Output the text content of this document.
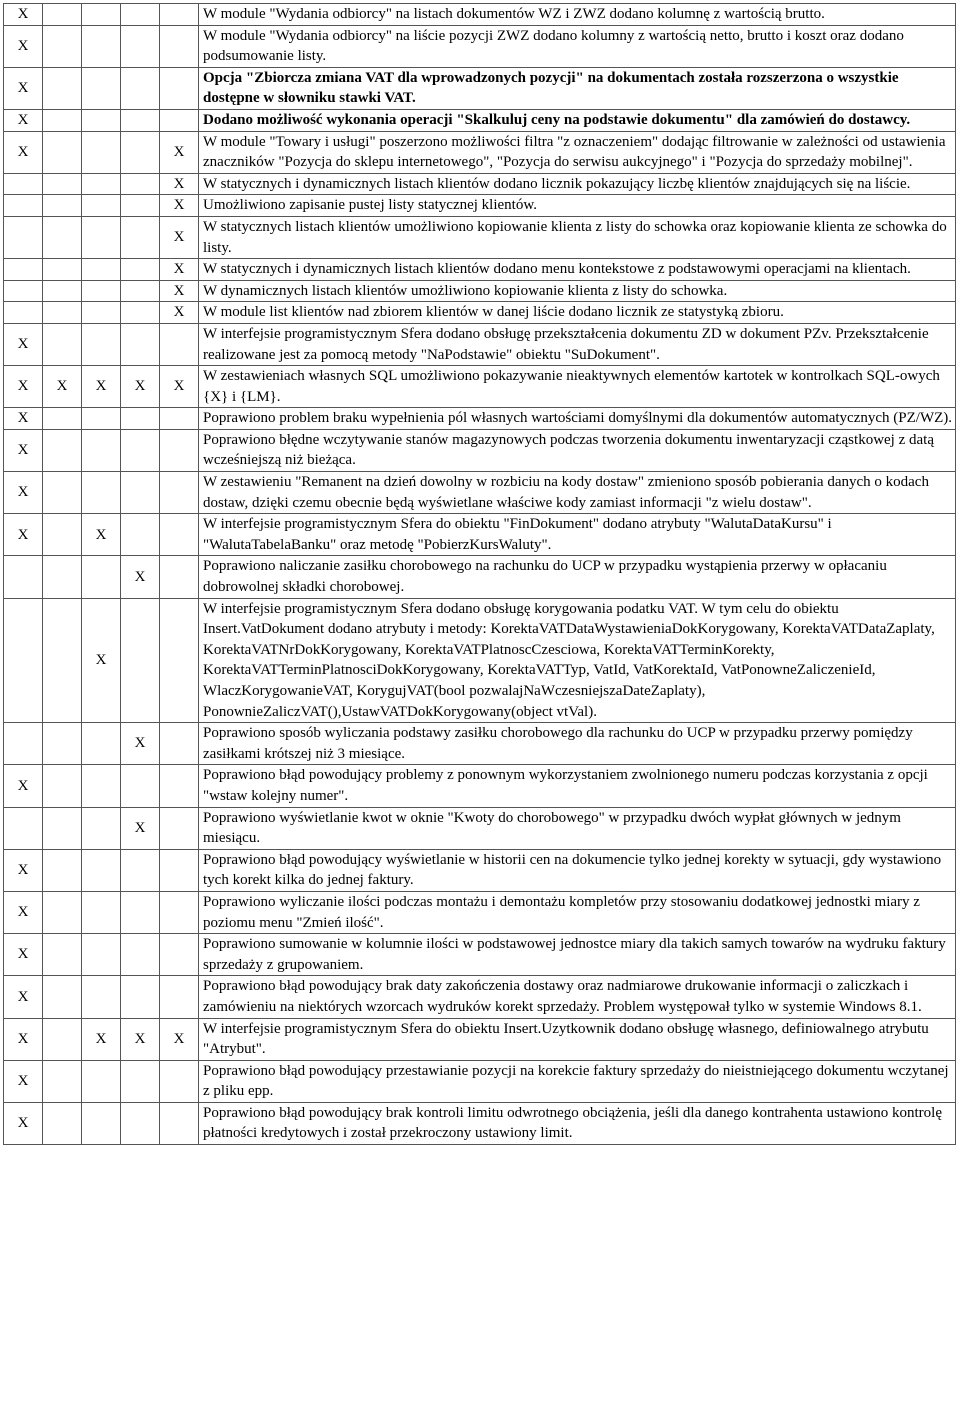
X					W module "Wydania odbiorcy" na listach dokumentów WZ i ZWZ dodano kolumnę z wartością brutto.
X					W module "Wydania odbiorcy" na liście pozycji ZWZ dodano kolumny z wartością netto, brutto i koszt oraz dodano podsumowanie listy.
X					Opcja "Zbiorcza zmiana VAT dla wprowadzonych pozycji" na dokumentach została rozszerzona o wszystkie dostępne w słowniku stawki VAT.
X					Dodano możliwość wykonania operacji "Skalkuluj ceny na podstawie dokumentu" dla zamówień do dostawcy.
X				X	W module "Towary i usługi" poszerzono możliwości filtra "z oznaczeniem" dodając filtrowanie w zależności od ustawienia znaczników "Pozycja do sklepu internetowego", "Pozycja do serwisu aukcyjnego" i "Pozycja do sprzedaży mobilnej".
				X	W statycznych i dynamicznych listach klientów dodano licznik pokazujący liczbę klientów znajdujących się na liście.
				X	Umożliwiono zapisanie pustej listy statycznej klientów.
				X	W statycznych listach klientów umożliwiono kopiowanie klienta z listy do schowka oraz kopiowanie klienta ze schowka do listy.
				X	W statycznych i dynamicznych listach klientów dodano menu kontekstowe z podstawowymi operacjami na klientach.
				X	W dynamicznych listach klientów umożliwiono kopiowanie klienta z listy do schowka.
				X	W module list klientów nad zbiorem klientów w danej liście dodano licznik ze statystyką zbioru.
X					W interfejsie programistycznym Sfera dodano obsługę przekształcenia dokumentu ZD w dokument PZv. Przekształcenie realizowane jest za pomocą metody "NaPodstawie" obiektu "SuDokument".
X	X	X	X	X	W zestawieniach własnych SQL umożliwiono pokazywanie nieaktywnych elementów kartotek w kontrolkach SQL-owych {X} i {LM}.
X					Poprawiono problem braku wypełnienia pól własnych wartościami domyślnymi dla dokumentów automatycznych (PZ/WZ).
X					Poprawiono błędne wczytywanie stanów magazynowych podczas tworzenia dokumentu inwentaryzacji cząstkowej z datą wcześniejszą niż bieżąca.
X					W zestawieniu "Remanent na dzień dowolny w rozbiciu na kody dostaw" zmieniono sposób pobierania danych o kodach dostaw, dzięki czemu obecnie będą wyświetlane właściwe kody zamiast informacji "z wielu dostaw".
X		X			W interfejsie programistycznym Sfera do obiektu "FinDokument" dodano atrybuty "WalutaDataKursu" i "WalutaTabelaBanku" oraz metodę "PobierzKursWaluty".
			X		Poprawiono naliczanie zasiłku chorobowego na rachunku do UCP w przypadku wystąpienia przerwy w opłacaniu dobrowolnej składki chorobowej.
		X			W interfejsie programistycznym Sfera dodano obsługę korygowania podatku VAT. W tym celu do obiektu Insert.VatDokument dodano atrybuty i metody: KorektaVATDataWystawieniaDokKorygowany, KorektaVATDataZaplaty, KorektaVATNrDokKorygowany, KorektaVATPlatnoscCzesciowa, KorektaVATTerminKorekty, KorektaVATTerminPlatnosciDokKorygowany, KorektaVATTyp, VatId, VatKorektaId, VatPonowneZaliczenieId, WlaczKorygowanieVAT, KorygujVAT(bool pozwalajNaWczesniejszaDateZaplaty), PonownieZaliczVAT(),UstawVATDokKorygowany(object vtVal).
			X		Poprawiono sposób wyliczania podstawy zasiłku chorobowego dla rachunku do UCP w przypadku przerwy pomiędzy zasiłkami krótszej niż 3 miesiące.
X					Poprawiono błąd powodujący problemy z ponownym wykorzystaniem zwolnionego numeru podczas korzystania z opcji "wstaw kolejny numer".
			X		Poprawiono wyświetlanie kwot w oknie "Kwoty do chorobowego" w przypadku dwóch wypłat głównych w jednym miesiącu.
X					Poprawiono błąd powodujący wyświetlanie w historii cen na dokumencie tylko jednej korekty w sytuacji, gdy wystawiono tych korekt kilka do jednej faktury.
X					Poprawiono wyliczanie ilości podczas montażu i demontażu kompletów przy stosowaniu dodatkowej jednostki miary z poziomu menu "Zmień ilość".
X					Poprawiono sumowanie w kolumnie ilości w podstawowej jednostce miary dla takich samych towarów na wydruku faktury sprzedaży z grupowaniem.
X					Poprawiono błąd powodujący brak daty zakończenia dostawy oraz nadmiarowe drukowanie informacji o zaliczkach i zamówieniu na niektórych wzorcach wydruków korekt sprzedaży. Problem występował tylko w systemie Windows 8.1.
X		X	X	X	W interfejsie programistycznym Sfera do obiektu Insert.Uzytkownik dodano obsługę własnego, definiowalnego atrybutu "Atrybut".
X					Poprawiono błąd powodujący przestawianie pozycji na korekcie faktury sprzedaży do nieistniejącego dokumentu wczytanej z pliku epp.
X					Poprawiono błąd powodujący brak kontroli limitu odwrotnego obciążenia, jeśli dla danego kontrahenta ustawiono kontrolę płatności kredytowych i został przekroczony ustawiony limit.
